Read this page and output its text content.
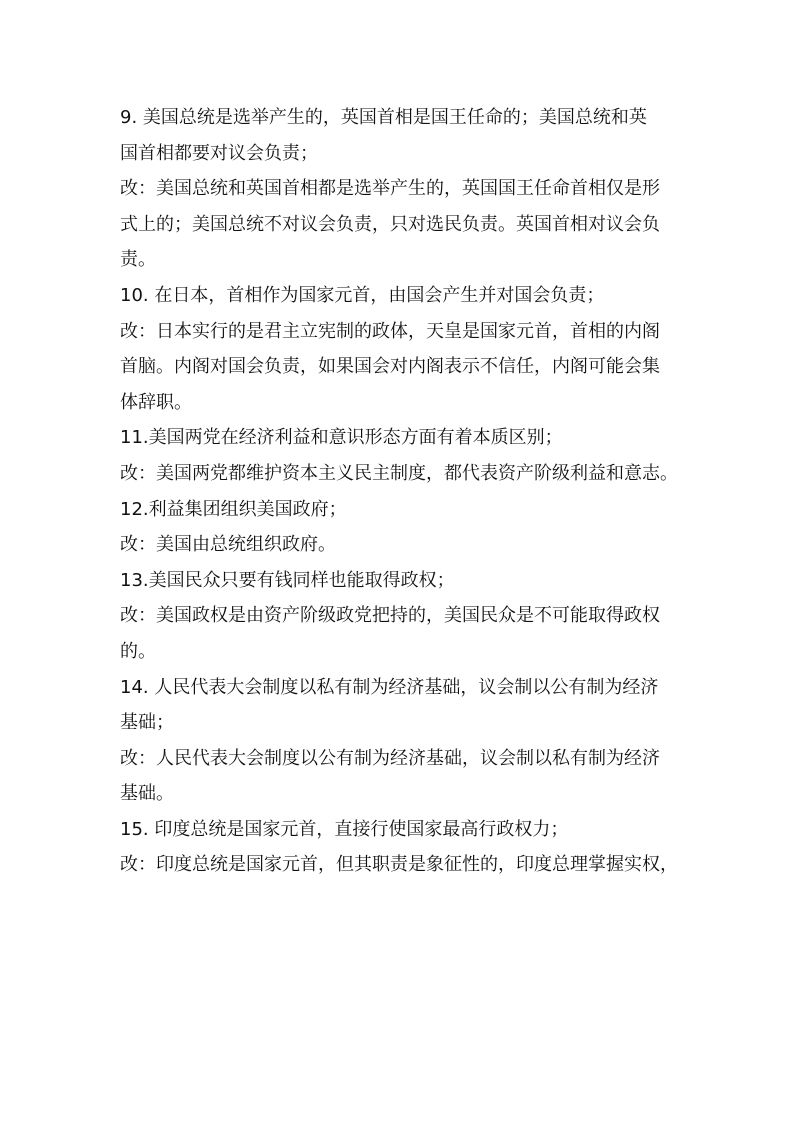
9. 美国总统是选举产生的，英国首相是国王任命的；美国总统和英

国首相都要对议会负责；

改：美国总统和英国首相都是选举产生的，英国国王任命首相仅是形

式上的；美国总统不对议会负责，只对选民负责。英国首相对议会负

责。

10. 在日本，首相作为国家元首，由国会产生并对国会负责；

改：日本实行的是君主立宪制的政体，天皇是国家元首，首相的内阁

首脑。内阁对国会负责，如果国会对内阁表示不信任，内阁可能会集

体辞职。

11.美国两党在经济利益和意识形态方面有着本质区别；

改：美国两党都维护资本主义民主制度，都代表资产阶级利益和意志。

12.利益集团组织美国政府；

改：美国由总统组织政府。

13.美国民众只要有钱同样也能取得政权；

改：美国政权是由资产阶级政党把持的，美国民众是不可能取得政权

的。

14. 人民代表大会制度以私有制为经济基础，议会制以公有制为经济

基础；

改：人民代表大会制度以公有制为经济基础，议会制以私有制为经济

基础。

15. 印度总统是国家元首，直接行使国家最高行政权力；

改：印度总统是国家元首，但其职责是象征性的，印度总理掌握实权，
